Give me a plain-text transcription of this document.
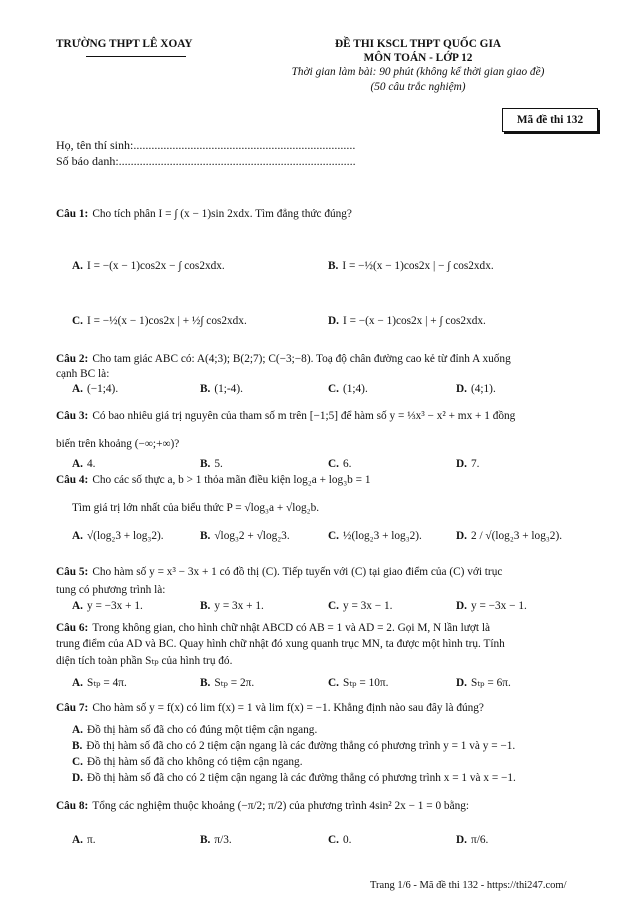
TRƯỜNG THPT LÊ XOAY	ĐỀ THI KSCL THPT QUỐC GIA
MÔN TOÁN - LỚP 12
Thời gian làm bài: 90 phút (không kể thời gian giao đề)
(50 câu trắc nghiệm)
Mã đề thi 132
Họ, tên thí sinh:..........................................................................
Số báo danh:...............................................................................
Câu 1: Cho tích phân I = ∫ (x − 1)sin 2xdx. Tìm đẳng thức đúng?
A. I = −(x − 1)cos2x − ∫ cos2xdx.	B. I = −½(x − 1)cos2x | − ∫ cos2xdx.
C. I = −½(x − 1)cos2x | + ½∫ cos2xdx.	D. I = −(x − 1)cos2x | + ∫ cos2xdx.
Câu 2: Cho tam giác ABC có: A(4;3); B(2;7); C(−3;−8). Toạ độ chân đường cao kẻ từ đỉnh A xuống
cạnh BC là:
A. (−1;4).	B. (1;-4).	C. (1;4).	D. (4;1).
Câu 3: Có bao nhiêu giá trị nguyên của tham số m trên [−1;5] để hàm số y = ⅓x³ − x² + mx + 1 đồng
biến trên khoảng (−∞;+∞)?
A. 4.	B. 5.	C. 6.	D. 7.
Câu 4: Cho các số thực a, b > 1 thỏa mãn điều kiện log₂a + log₃b = 1
Tìm giá trị lớn nhất của biểu thức P = √log₃a + √log₂b.
A. √(log₂3 + log₃2).	B. √log₃2 + √log₂3.	C. ½(log₂3 + log₃2).	D. 2 / √(log₂3 + log₃2).
Câu 5: Cho hàm số y = x³ − 3x + 1 có đồ thị (C). Tiếp tuyến với (C) tại giao điểm của (C) với trục
tung có phương trình là:
A. y = −3x + 1.	B. y = 3x + 1.	C. y = 3x − 1.	D. y = −3x − 1.
Câu 6: Trong không gian, cho hình chữ nhật ABCD có AB = 1 và AD = 2. Gọi M, N lần lượt là
trung điểm của AD và BC. Quay hình chữ nhật đó xung quanh trục MN, ta được một hình trụ. Tính
diện tích toàn phần Sₜₚ của hình trụ đó.
A. Sₜₚ = 4π.	B. Sₜₚ = 2π.	C. Sₜₚ = 10π.	D. Sₜₚ = 6π.
Câu 7: Cho hàm số y = f(x) có lim f(x) = 1 và lim f(x) = −1. Khẳng định nào sau đây là đúng?
A. Đồ thị hàm số đã cho có đúng một tiệm cận ngang.
B. Đồ thị hàm số đã cho có 2 tiệm cận ngang là các đường thẳng có phương trình y = 1 và y = −1.
C. Đồ thị hàm số đã cho không có tiệm cận ngang.
D. Đồ thị hàm số đã cho có 2 tiệm cận ngang là các đường thẳng có phương trình x = 1 và x = −1.
Câu 8: Tổng các nghiệm thuộc khoảng (−π/2; π/2) của phương trình 4sin² 2x − 1 = 0 bằng:
A. π.	B. π/3.	C. 0.	D. π/6.
Trang 1/6 - Mã đề thi 132 - https://thi247.com/
